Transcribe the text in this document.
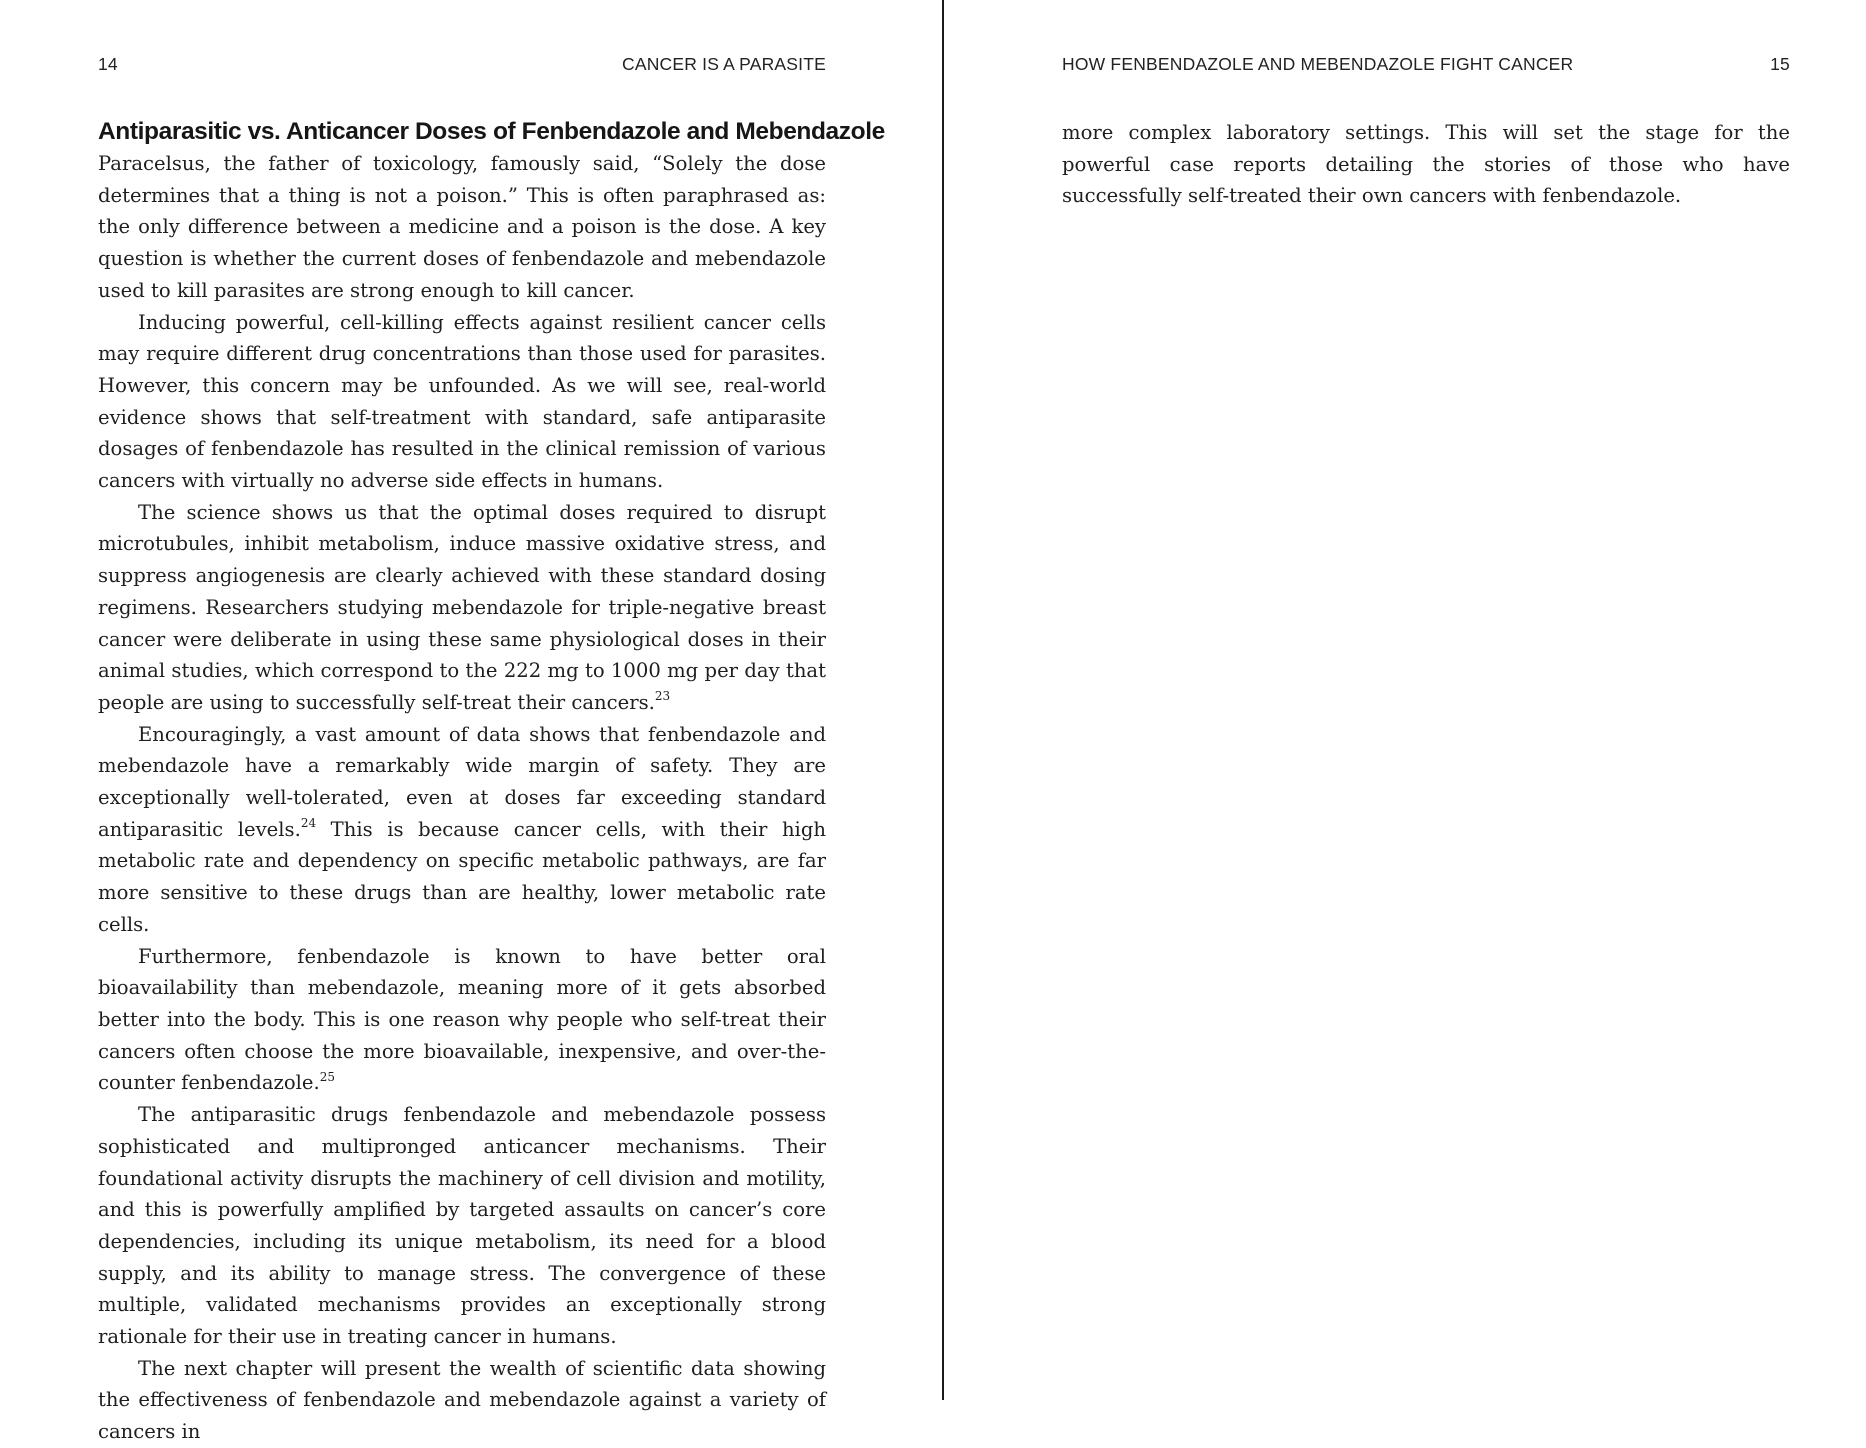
14	CANCER IS A PARASITE
Antiparasitic vs. Anticancer Doses of Fenbendazole and Mebendazole

Paracelsus, the father of toxicology, famously said, “Solely the dose determines that a thing is not a poison.” This is often paraphrased as: the only difference between a medicine and a poison is the dose. A key question is whether the current doses of fenbendazole and mebendazole used to kill parasites are strong enough to kill cancer.

Inducing powerful, cell-killing effects against resilient cancer cells may require different drug concentrations than those used for parasites. However, this concern may be unfounded. As we will see, real-world evidence shows that self-treatment with standard, safe antiparasite dosages of fenbendazole has resulted in the clinical remission of various cancers with virtually no adverse side effects in humans.

The science shows us that the optimal doses required to disrupt microtubules, inhibit metabolism, induce massive oxidative stress, and suppress angiogenesis are clearly achieved with these standard dosing regimens. Researchers studying mebendazole for triple-negative breast cancer were deliberate in using these same physiological doses in their animal studies, which correspond to the 222 mg to 1000 mg per day that people are using to successfully self-treat their cancers.$^{23}$

Encouragingly, a vast amount of data shows that fenbendazole and mebendazole have a remarkably wide margin of safety. They are exceptionally well-tolerated, even at doses far exceeding standard antiparasitic levels.$^{24}$ This is because cancer cells, with their high metabolic rate and dependency on specific metabolic pathways, are far more sensitive to these drugs than are healthy, lower metabolic rate cells.

Furthermore, fenbendazole is known to have better oral bioavailability than mebendazole, meaning more of it gets absorbed better into the body. This is one reason why people who self-treat their cancers often choose the more bioavailable, inexpensive, and over-the-counter fenbendazole.$^{25}$

The antiparasitic drugs fenbendazole and mebendazole possess sophisticated and multipronged anticancer mechanisms. Their foundational activity disrupts the machinery of cell division and motility, and this is powerfully amplified by targeted assaults on cancer’s core dependencies, including its unique metabolism, its need for a blood supply, and its ability to manage stress. The convergence of these multiple, validated mechanisms provides an exceptionally strong rationale for their use in treating cancer in humans.

The next chapter will present the wealth of scientific data showing the effectiveness of fenbendazole and mebendazole against a variety of cancers in

HOW FENBENDAZOLE AND MEBENDAZOLE FIGHT CANCER	15

more complex laboratory settings. This will set the stage for the powerful case reports detailing the stories of those who have successfully self-treated their own cancers with fenbendazole.
